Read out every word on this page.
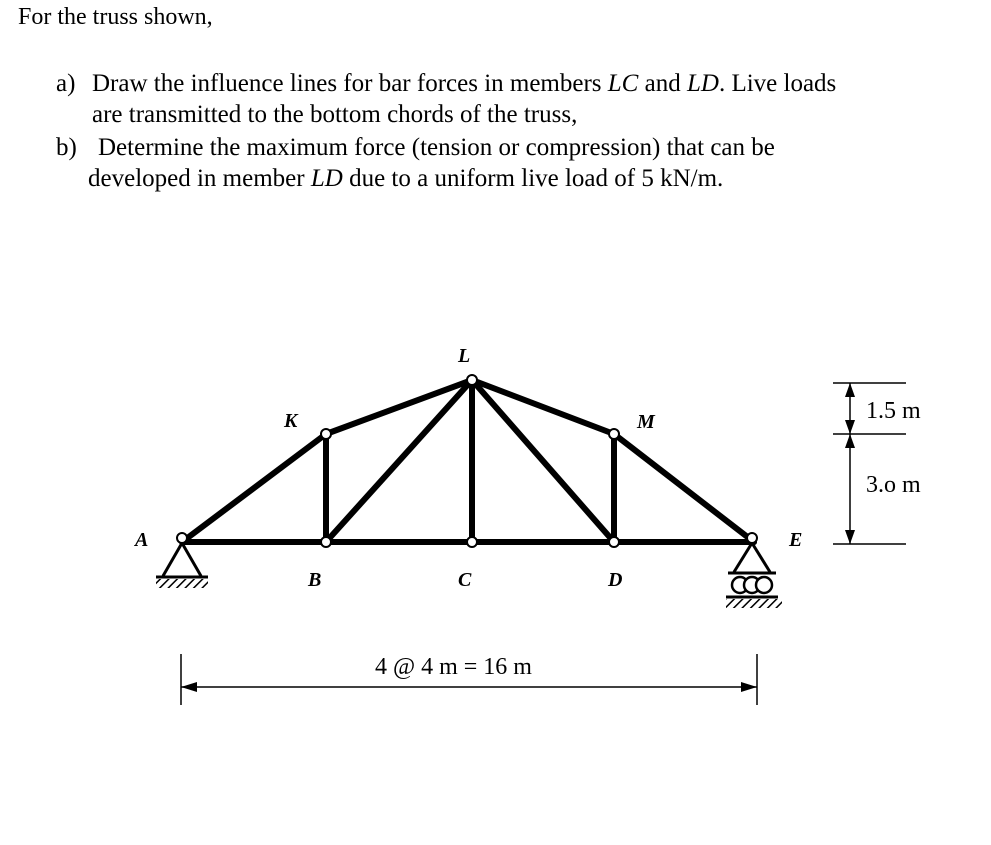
For the truss shown,
a) Draw the influence lines for bar forces in members LC and LD. Live loads
are transmitted to the bottom chords of the truss,
b) Determine the maximum force (tension or compression) that can be
developed in member LD due to a uniform live load of 5 kN/m.
A
K
L
M
E
B	C	D
4 @ 4 m = 16 m
1.5 m
3.o m
